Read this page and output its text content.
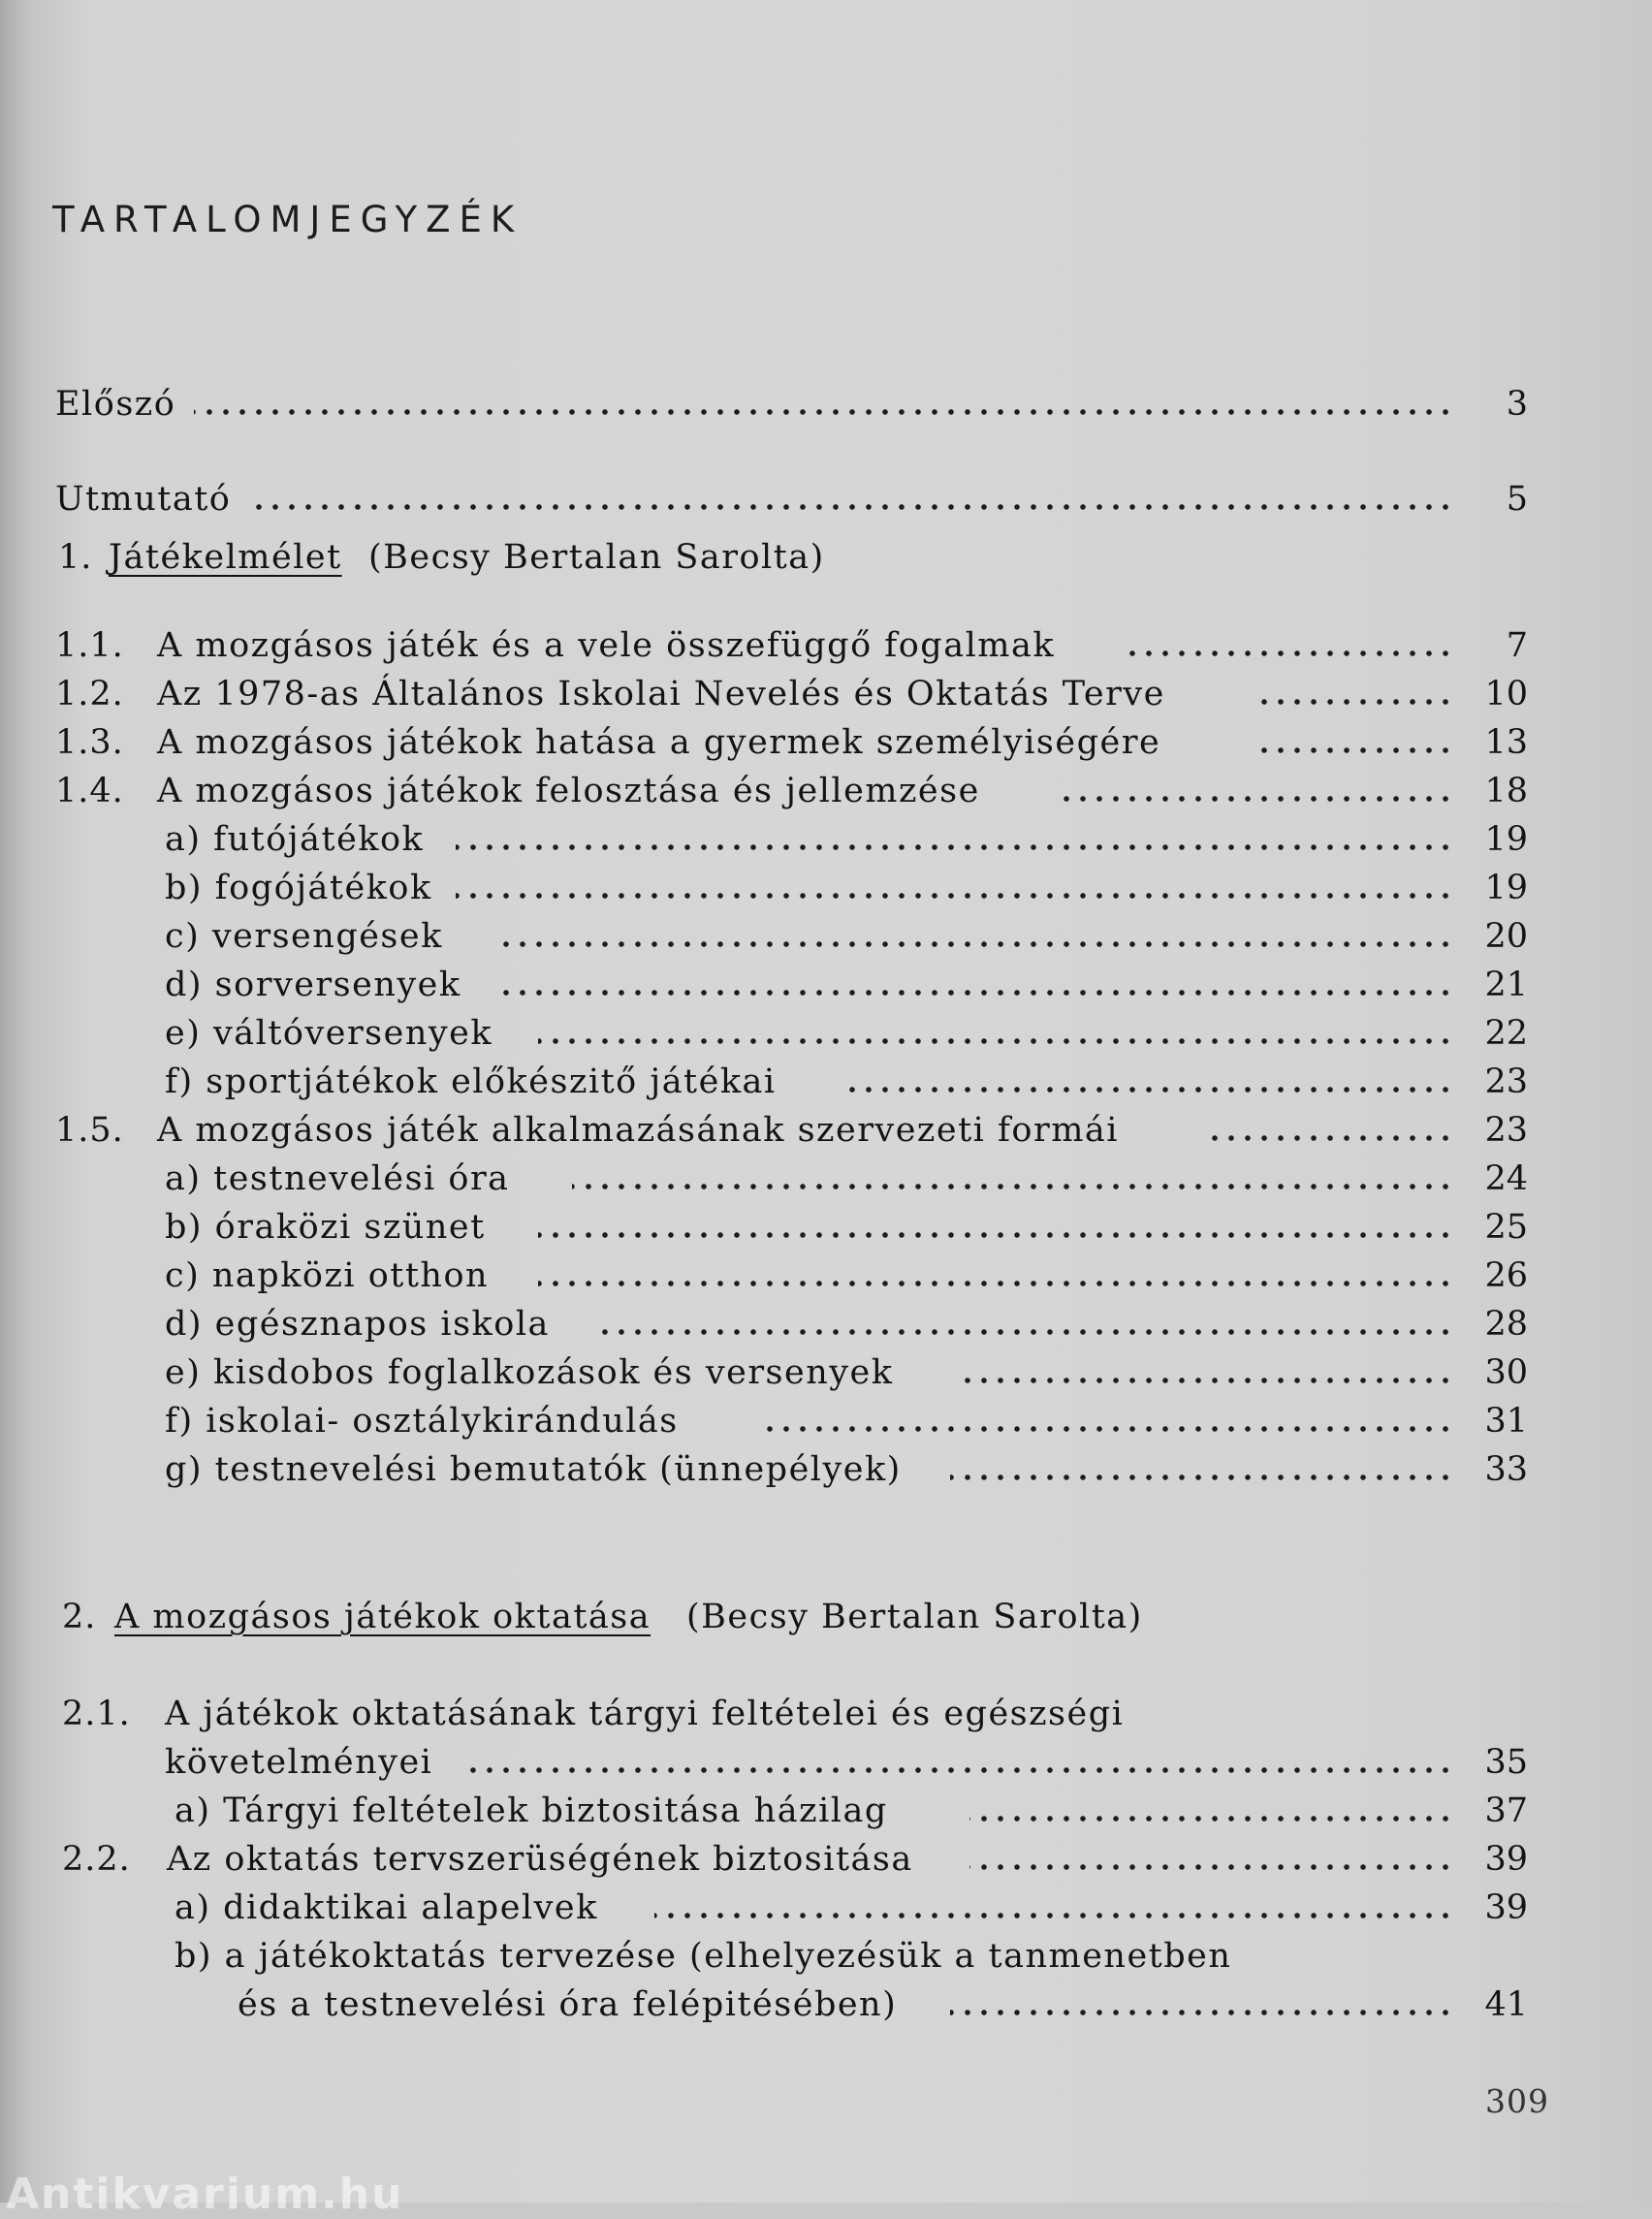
TARTALOMJEGYZÉK
Előszó	3
Utmutató	5
1. Játékelmélet (Becsy Bertalan Sarolta)
1.1. A mozgásos játék és a vele összefüggő fogalmak	7
1.2. Az 1978-as Általános Iskolai Nevelés és Oktatás Terve	10
1.3. A mozgásos játékok hatása a gyermek személyiségére	13
1.4. A mozgásos játékok felosztása és jellemzése	18
a) futójátékok	19
b) fogójátékok	19
c) versengések	20
d) sorversenyek	21
e) váltóversenyek	22
f) sportjátékok előkészitő játékai	23
1.5. A mozgásos játék alkalmazásának szervezeti formái	23
a) testnevelési óra	24
b) óraközi szünet	25
c) napközi otthon	26
d) egésznapos iskola	28
e) kisdobos foglalkozások és versenyek	30
f) iskolai- osztálykirándulás	31
g) testnevelési bemutatók (ünnepélyek)	33
2. A mozgásos játékok oktatása (Becsy Bertalan Sarolta)
2.1. A játékok oktatásának tárgyi feltételei és egészségi
követelményei	35
a) Tárgyi feltételek biztositása házilag	37
2.2. Az oktatás tervszerüségének biztositása	39
a) didaktikai alapelvek	39
b) a játékoktatás tervezése (elhelyezésük a tanmenetben
és a testnevelési óra felépitésében)	41
309
Antikvarium.hu
